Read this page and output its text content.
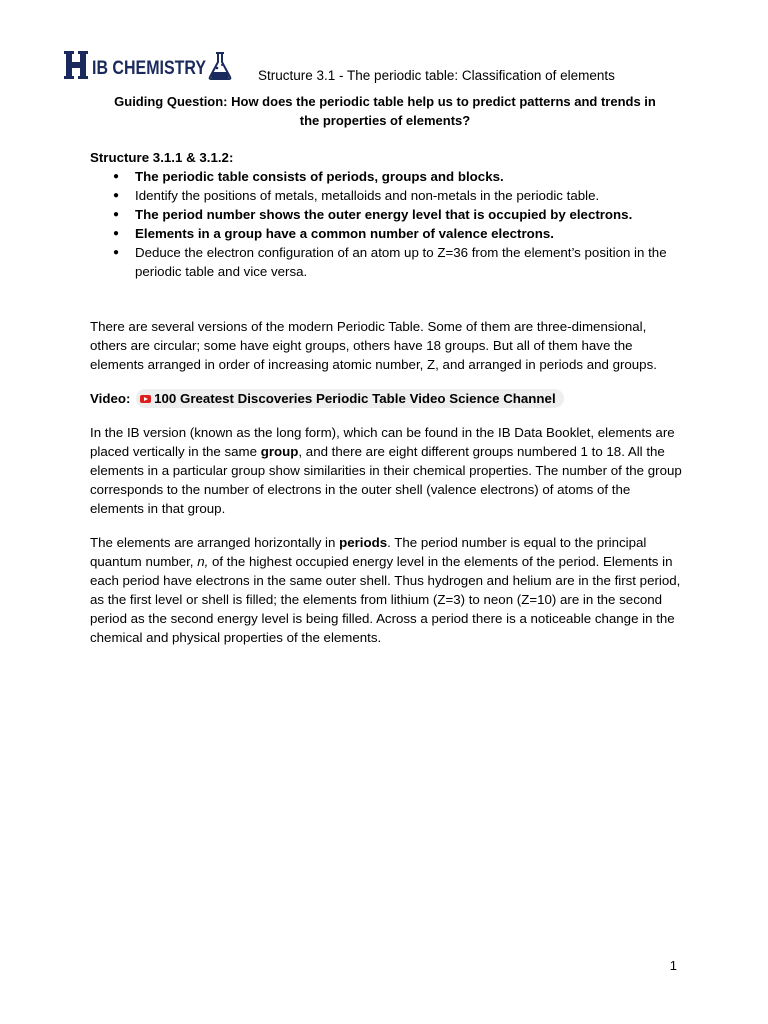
IB CHEMISTRY	Structure 3.1 - The periodic table: Classification of elements
Guiding Question: How does the periodic table help us to predict patterns and trends in
the properties of elements?
Structure 3.1.1 & 3.1.2:
● The periodic table consists of periods, groups and blocks.
● Identify the positions of metals, metalloids and non-metals in the periodic table.
● The period number shows the outer energy level that is occupied by electrons.
● Elements in a group have a common number of valence electrons.
● Deduce the electron configuration of an atom up to Z=36 from the element’s position in the periodic table and vice versa.

There are several versions of the modern Periodic Table. Some of them are three-dimensional, others are circular; some have eight groups, others have 18 groups. But all of them have the elements arranged in order of increasing atomic number, Z, and arranged in periods and groups.

Video: 100 Greatest Discoveries Periodic Table Video Science Channel

In the IB version (known as the long form), which can be found in the IB Data Booklet, elements are placed vertically in the same group, and there are eight different groups numbered 1 to 18. All the elements in a particular group show similarities in their chemical properties. The number of the group corresponds to the number of electrons in the outer shell (valence electrons) of atoms of the elements in that group.

The elements are arranged horizontally in periods. The period number is equal to the principal quantum number, n, of the highest occupied energy level in the elements of the period. Elements in each period have electrons in the same outer shell. Thus hydrogen and helium are in the first period, as the first level or shell is filled; the elements from lithium (Z=3) to neon (Z=10) are in the second period as the second energy level is being filled. Across a period there is a noticeable change in the chemical and physical properties of the elements.

1
